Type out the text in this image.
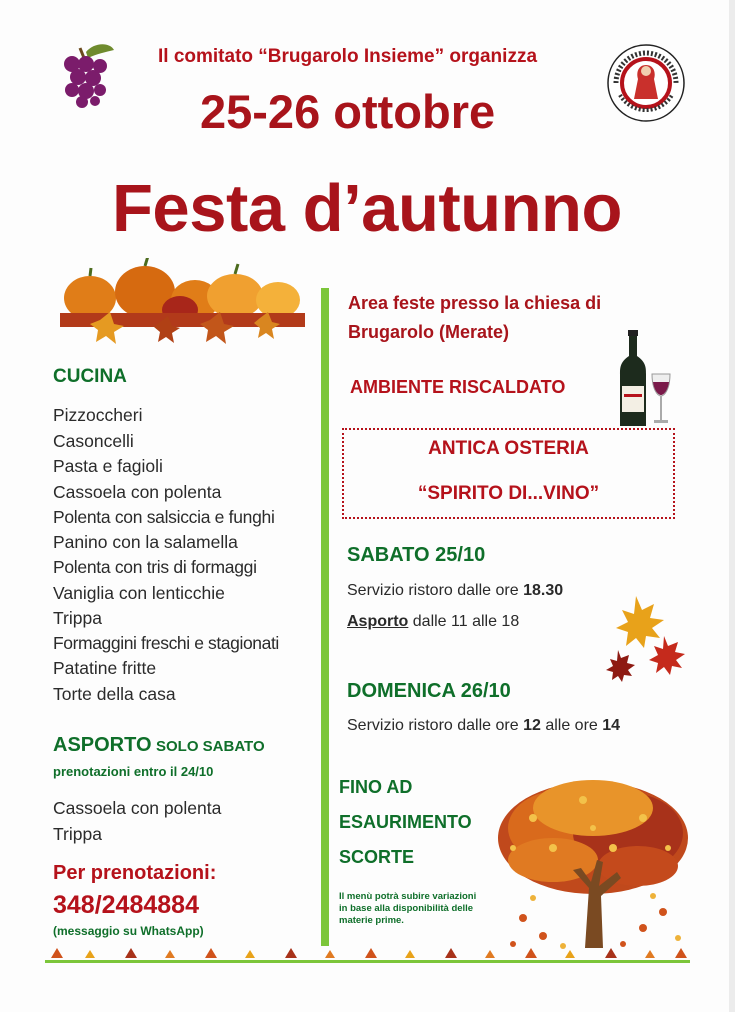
Il comitato “Brugarolo Insieme” organizza
25-26 ottobre
Festa d’autunno
CUCINA
Pizzoccheri
Casoncelli
Pasta e fagioli
Cassoela con polenta
Polenta con salsiccia e funghi
Panino con la salamella
Polenta con tris di formaggi
Vaniglia con lenticchie
Trippa
Formaggini freschi e stagionati
Patatine fritte
Torte della casa
ASPORTO SOLO SABATO
prenotazioni entro il 24/10
Cassoela con polenta
Trippa
Per prenotazioni:
348/2484884
(messaggio su WhatsApp)
Area feste presso la chiesa di
Brugarolo (Merate)
AMBIENTE RISCALDATO
ANTICA OSTERIA
“SPIRITO DI...VINO”
SABATO 25/10
Servizio ristoro dalle ore 18.30
Asporto dalle 11 alle 18
DOMENICA 26/10
Servizio ristoro dalle ore 12 alle ore 14
FINO AD
ESAURIMENTO
SCORTE
Il menù potrà subire variazioni in base alla disponibilità delle materie prime.
